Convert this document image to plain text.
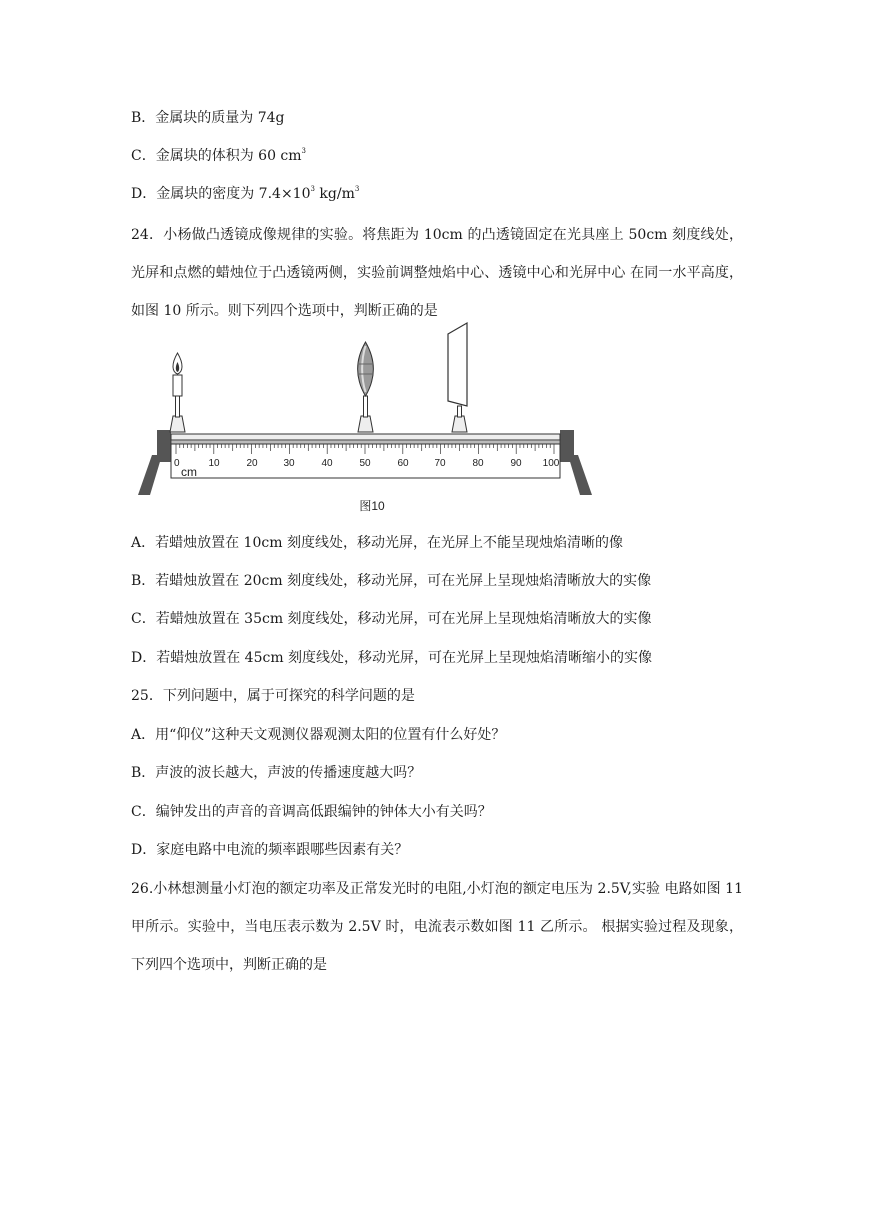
B．金属块的质量为 74g
C．金属块的体积为 60 $cm^3$
D．金属块的密度为 $7.4\times 10^3$ $kg/m^3$
24．小杨做凸透镜成像规律的实验。将焦距为 10cm 的凸透镜固定在光具座上 50cm 刻度线处，光屏和点燃的蜡烛位于凸透镜两侧，实验前调整烛焰中心、透镜中心和光屏中心 在同一水平高度，如图 10 所示。则下列四个选项中，判断正确的是
0
cm
10	20	30	40	50	60	70	80	90 100
图10
A．若蜡烛放置在 10cm 刻度线处，移动光屏，在光屏上不能呈现烛焰清晰的像
B．若蜡烛放置在 20cm 刻度线处，移动光屏，可在光屏上呈现烛焰清晰放大的实像
C．若蜡烛放置在 35cm 刻度线处，移动光屏，可在光屏上呈现烛焰清晰放大的实像
D．若蜡烛放置在 45cm 刻度线处，移动光屏，可在光屏上呈现烛焰清晰缩小的实像
25．下列问题中，属于可探究的科学问题的是
A．用“仰仪”这种天文观测仪器观测太阳的位置有什么好处？
B．声波的波长越大，声波的传播速度越大吗？
C．编钟发出的声音的音调高低跟编钟的钟体大小有关吗？
D．家庭电路中电流的频率跟哪些因素有关？
26.小林想测量小灯泡的额定功率及正常发光时的电阻,小灯泡的额定电压为 2.5V,实验 电路如图 11 甲所示。实验中，当电压表示数为 2.5V 时，电流表示数如图 11 乙所示。 根据实验过程及现象，下列四个选项中，判断正确的是
